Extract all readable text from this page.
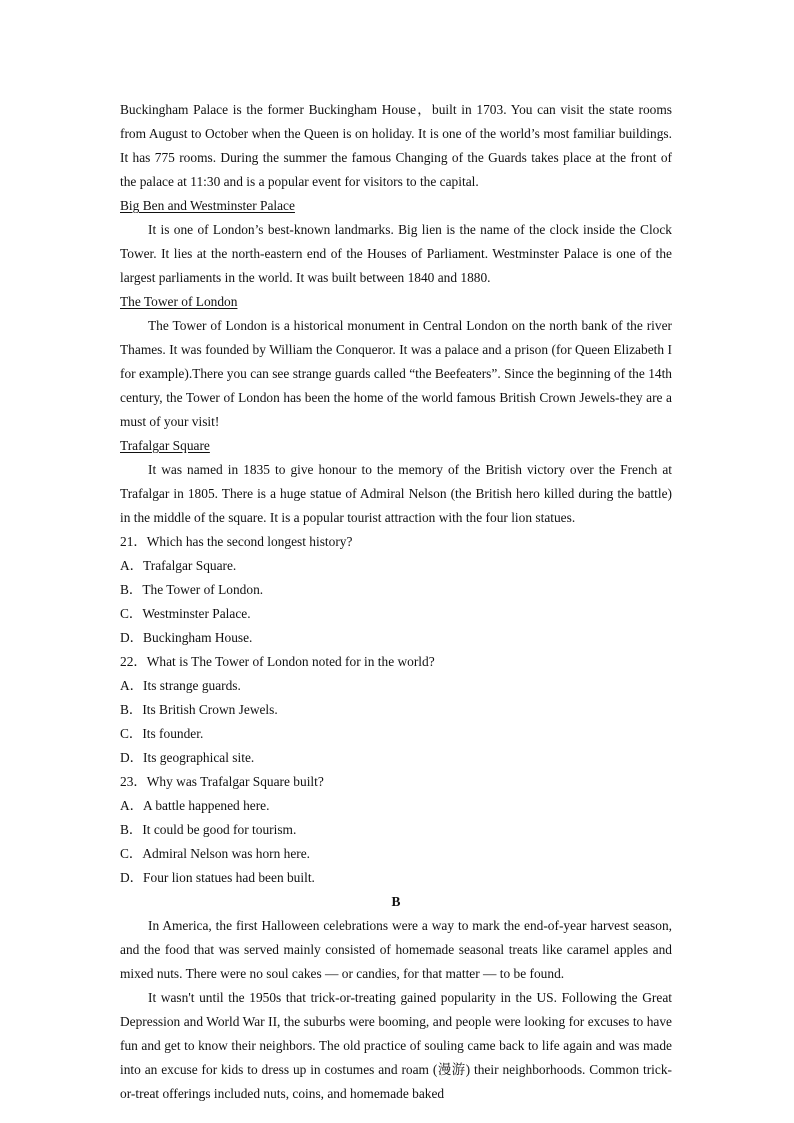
Buckingham Palace is the former Buckingham House，built in 1703. You can visit the state rooms from August to October when the Queen is on holiday. It is one of the world’s most familiar buildings. It has 775 rooms. During the summer the famous Changing of the Guards takes place at the front of the palace at 11:30 and is a popular event for visitors to the capital.

Big Ben and Westminster Palace

It is one of London’s best-known landmarks. Big lien is the name of the clock inside the Clock Tower. It lies at the north-eastern end of the Houses of Parliament. Westminster Palace is one of the largest parliaments in the world. It was built between 1840 and 1880.

The Tower of London

The Tower of London is a historical monument in Central London on the north bank of the river Thames. It was founded by William the Conqueror. It was a palace and a prison (for Queen Elizabeth I for example).There you can see strange guards called “the Beefeaters”. Since the beginning of the 14th century, the Tower of London has been the home of the world famous British Crown Jewels-they are a must of your visit!

Trafalgar Square

It was named in 1835 to give honour to the memory of the British victory over the French at Trafalgar in 1805. There is a huge statue of Admiral Nelson (the British hero killed during the battle) in the middle of the square. It is a popular tourist attraction with the four lion statues.

21．Which has the second longest history?

A．Trafalgar Square.
B．The Tower of London.
C．Westminster Palace.
D．Buckingham House.

22．What is The Tower of London noted for in the world?

A．Its strange guards.
B．Its British Crown Jewels.
C．Its founder.
D．Its geographical site.

23．Why was Trafalgar Square built?

A．A battle happened here.
B．It could be good for tourism.
C．Admiral Nelson was horn here.
D．Four lion statues had been built.

B

In America, the first Halloween celebrations were a way to mark the end-of-year harvest season, and the food that was served mainly consisted of homemade seasonal treats like caramel apples and mixed nuts. There were no soul cakes — or candies, for that matter — to be found.

It wasn't until the 1950s that trick-or-treating gained popularity in the US. Following the Great Depression and World War II, the suburbs were booming, and people were looking for excuses to have fun and get to know their neighbors. The old practice of souling came back to life again and was made into an excuse for kids to dress up in costumes and roam (漫游) their neighborhoods. Common trick-or-treat offerings included nuts, coins, and homemade baked
